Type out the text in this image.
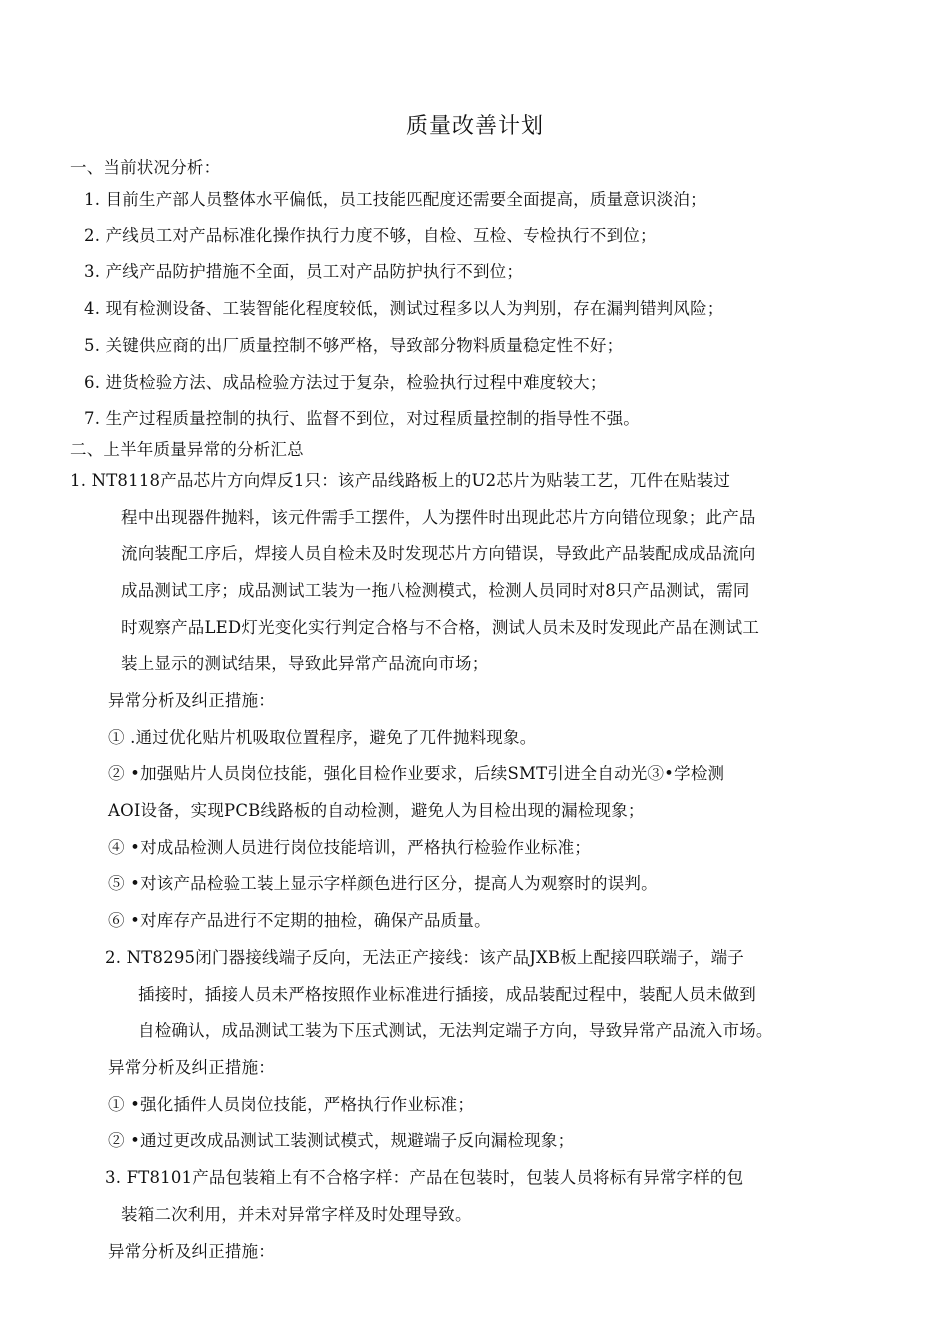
质量改善计划
一、当前状况分析：
1. 目前生产部人员整体水平偏低，员工技能匹配度还需要全面提高，质量意识淡泊；
2. 产线员工对产品标准化操作执行力度不够，自检、互检、专检执行不到位；
3. 产线产品防护措施不全面，员工对产品防护执行不到位；
4. 现有检测设备、工装智能化程度较低，测试过程多以人为判别，存在漏判错判风险；
5. 关键供应商的出厂质量控制不够严格，导致部分物料质量稳定性不好；
6. 进货检验方法、成品检验方法过于复杂，检验执行过程中难度较大；
7. 生产过程质量控制的执行、监督不到位，对过程质量控制的指导性不强。
二、上半年质量异常的分析汇总
1. NT8118产品芯片方向焊反1只：该产品线路板上的U2芯片为贴装工艺，兀件在贴装过
程中出现器件抛料，该元件需手工摆件，人为摆件时出现此芯片方向错位现象；此产品
流向装配工序后，焊接人员自检未及时发现芯片方向错误，导致此产品装配成成品流向
成品测试工序；成品测试工装为一拖八检测模式，检测人员同时对8只产品测试，需同
时观察产品LED灯光变化实行判定合格与不合格，测试人员未及时发现此产品在测试工
装上显示的测试结果，导致此异常产品流向市场；
异常分析及纠正措施：
① .通过优化贴片机吸取位置程序，避免了兀件抛料现象。
② •加强贴片人员岗位技能，强化目检作业要求，后续SMT引进全自动光③•学检测
AOI设备，实现PCB线路板的自动检测，避免人为目检出现的漏检现象；
④ •对成品检测人员进行岗位技能培训，严格执行检验作业标准；
⑤ •对该产品检验工装上显示字样颜色进行区分，提高人为观察时的误判。
⑥ •对库存产品进行不定期的抽检，确保产品质量。
2. NT8295闭门器接线端子反向，无法正产接线：该产品JXB板上配接四联端子，端子
插接时，插接人员未严格按照作业标准进行插接，成品装配过程中，装配人员未做到
自检确认，成品测试工装为下压式测试，无法判定端子方向，导致异常产品流入市场。
异常分析及纠正措施：
① •强化插件人员岗位技能，严格执行作业标准；
② •通过更改成品测试工装测试模式，规避端子反向漏检现象；
3. FT8101产品包装箱上有不合格字样：产品在包装时，包装人员将标有异常字样的包
装箱二次利用，并未对异常字样及时处理导致。
异常分析及纠正措施：
